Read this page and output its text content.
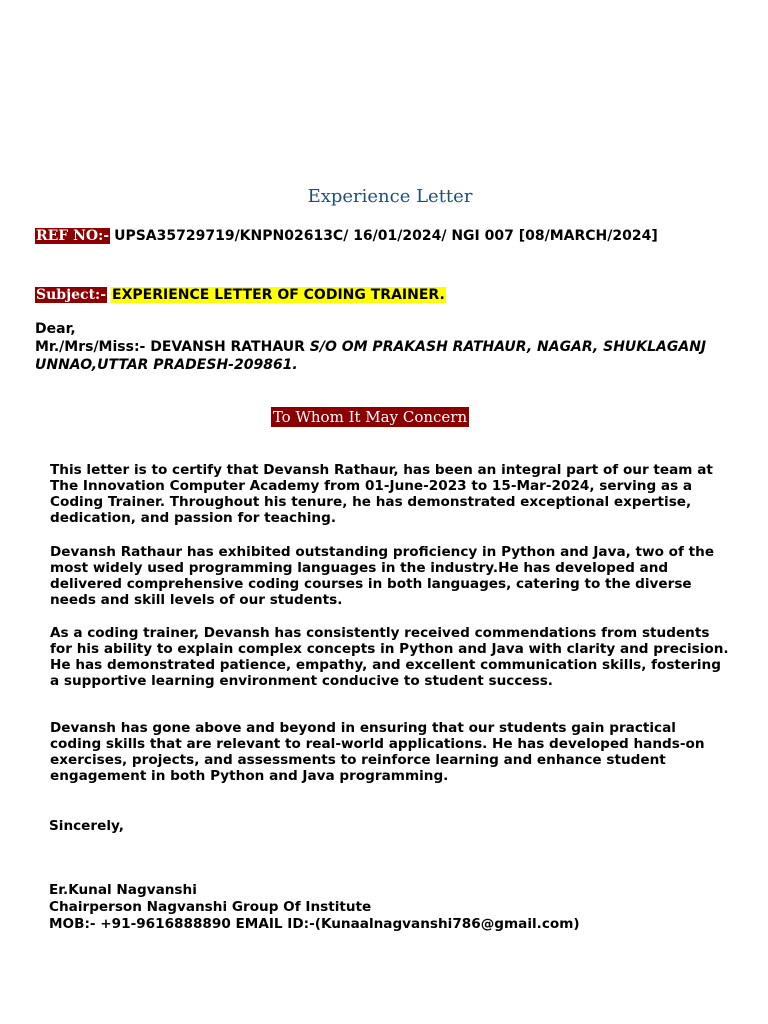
Experience Letter
REF NO:- UPSA35729719/KNPN02613C/ 16/01/2024/ NGI 007 [08/MARCH/2024]
Subject:- EXPERIENCE LETTER OF CODING TRAINER.
Dear,
Mr./Mrs/Miss:- DEVANSH RATHAUR S/O OM PRAKASH RATHAUR, NAGAR, SHUKLAGANJ UNNAO,UTTAR PRADESH-209861.
To Whom It May Concern

This letter is to certify that Devansh Rathaur, has been an integral part of our team at The Innovation Computer Academy from 01-June-2023 to 15-Mar-2024, serving as a Coding Trainer. Throughout his tenure, he has demonstrated exceptional expertise, dedication, and passion for teaching.

Devansh Rathaur has exhibited outstanding proficiency in Python and Java, two of the most widely used programming languages in the industry.He has developed and delivered comprehensive coding courses in both languages, catering to the diverse needs and skill levels of our students.

As a coding trainer, Devansh has consistently received commendations from students for his ability to explain complex concepts in Python and Java with clarity and precision. He has demonstrated patience, empathy, and excellent communication skills, fostering a supportive learning environment conducive to student success.

Devansh has gone above and beyond in ensuring that our students gain practical coding skills that are relevant to real-world applications. He has developed hands-on exercises, projects, and assessments to reinforce learning and enhance student engagement in both Python and Java programming.

Sincerely,
Er.Kunal Nagvanshi
Chairperson Nagvanshi Group Of Institute
MOB:- +91-9616888890 EMAIL ID:-(Kunaalnagvanshi786@gmail.com)
